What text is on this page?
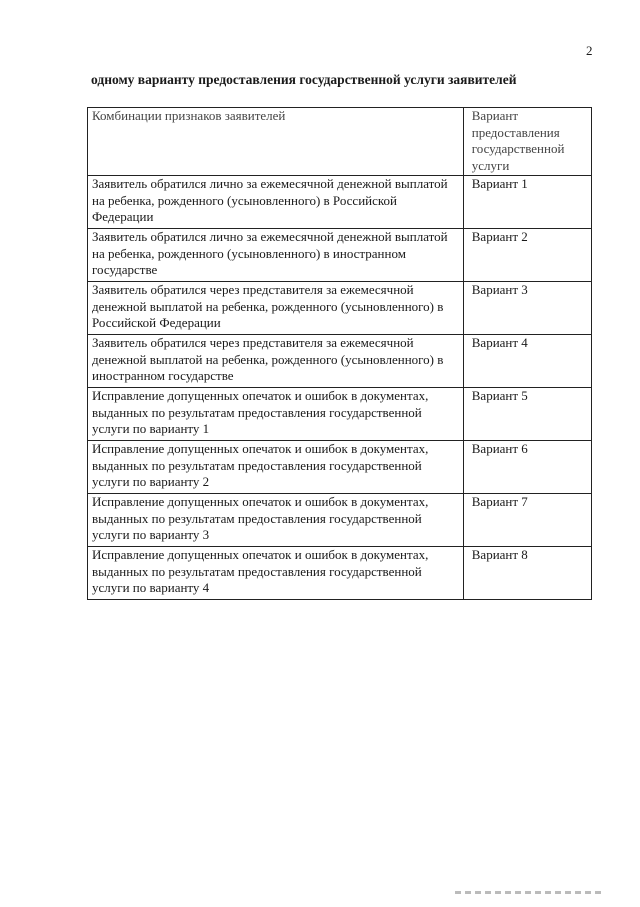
2
одному варианту предоставления государственной услуги заявителей
Комбинации признаков заявителей	Вариант предоставления государственной услуги
Заявитель обратился лично за ежемесячной денежной выплатой на ребенка, рожденного (усыновленного) в Российской Федерации	Вариант 1
Заявитель обратился лично за ежемесячной денежной выплатой на ребенка, рожденного (усыновленного) в иностранном государстве	Вариант 2
Заявитель обратился через представителя за ежемесячной денежной выплатой на ребенка, рожденного (усыновленного) в Российской Федерации	Вариант 3
Заявитель обратился через представителя за ежемесячной денежной выплатой на ребенка, рожденного (усыновленного) в иностранном государстве	Вариант 4
Исправление допущенных опечаток и ошибок в документах, выданных по результатам предоставления государственной услуги по варианту 1	Вариант 5
Исправление допущенных опечаток и ошибок в документах, выданных по результатам предоставления государственной услуги по варианту 2	Вариант 6
Исправление допущенных опечаток и ошибок в документах, выданных по результатам предоставления государственной услуги по варианту 3	Вариант 7
Исправление допущенных опечаток и ошибок в документах, выданных по результатам предоставления государственной услуги по варианту 4	Вариант 8
